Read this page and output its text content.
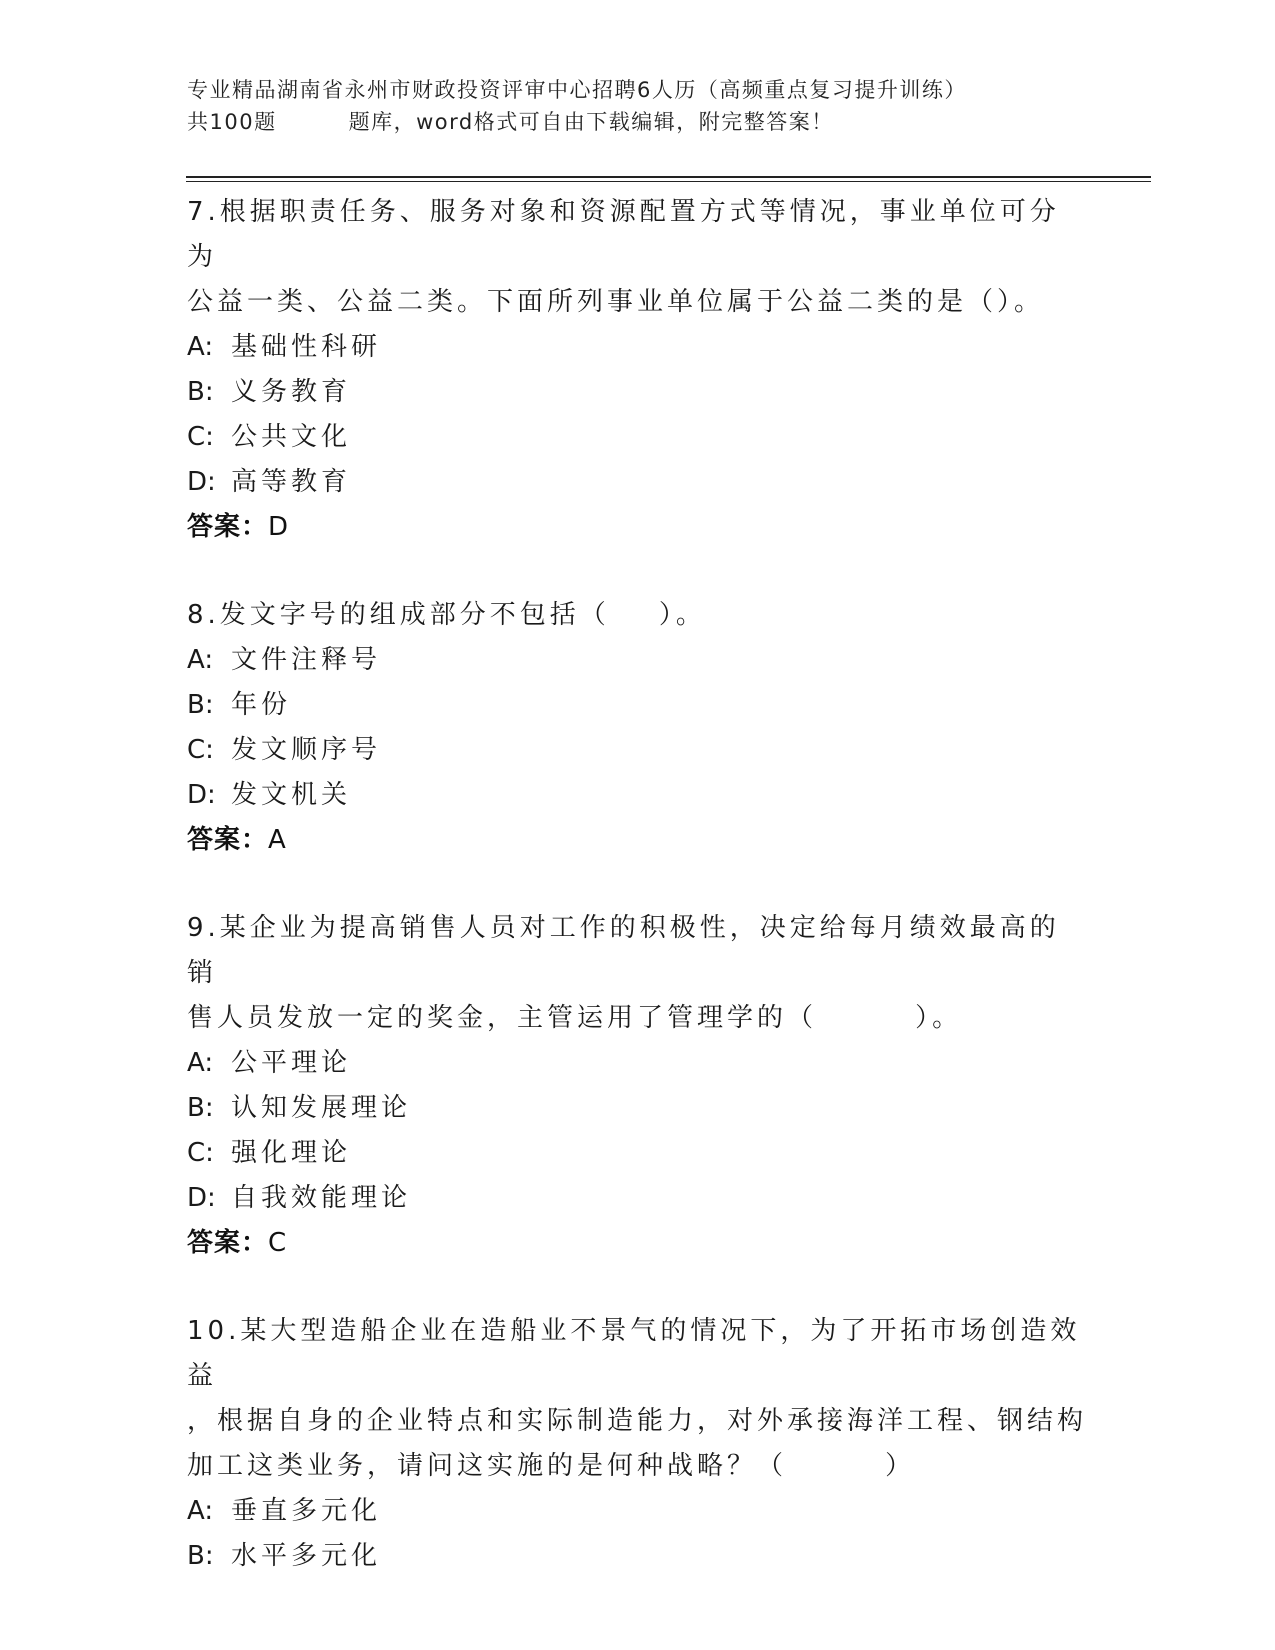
专业精品湖南省永州市财政投资评审中心招聘6人历（高频重点复习提升训练）
共100题	题库，word格式可自由下载编辑，附完整答案！
7.根据职责任务、服务对象和资源配置方式等情况，事业单位可分为
公益一类、公益二类。下面所列事业单位属于公益二类的是（）。
A: 基础性科研
B: 义务教育
C: 公共文化
D: 高等教育
答案：D
8.发文字号的组成部分不包括（    ）。
A: 文件注释号
B: 年份
C: 发文顺序号
D: 发文机关
答案：A
9.某企业为提高销售人员对工作的积极性，决定给每月绩效最高的销
售人员发放一定的奖金，主管运用了管理学的（        ）。
A: 公平理论
B: 认知发展理论
C: 强化理论
D: 自我效能理论
答案：C
10.某大型造船企业在造船业不景气的情况下，为了开拓市场创造效益
，根据自身的企业特点和实际制造能力，对外承接海洋工程、钢结构
加工这类业务，请问这实施的是何种战略？（        ）
A: 垂直多元化
B: 水平多元化
